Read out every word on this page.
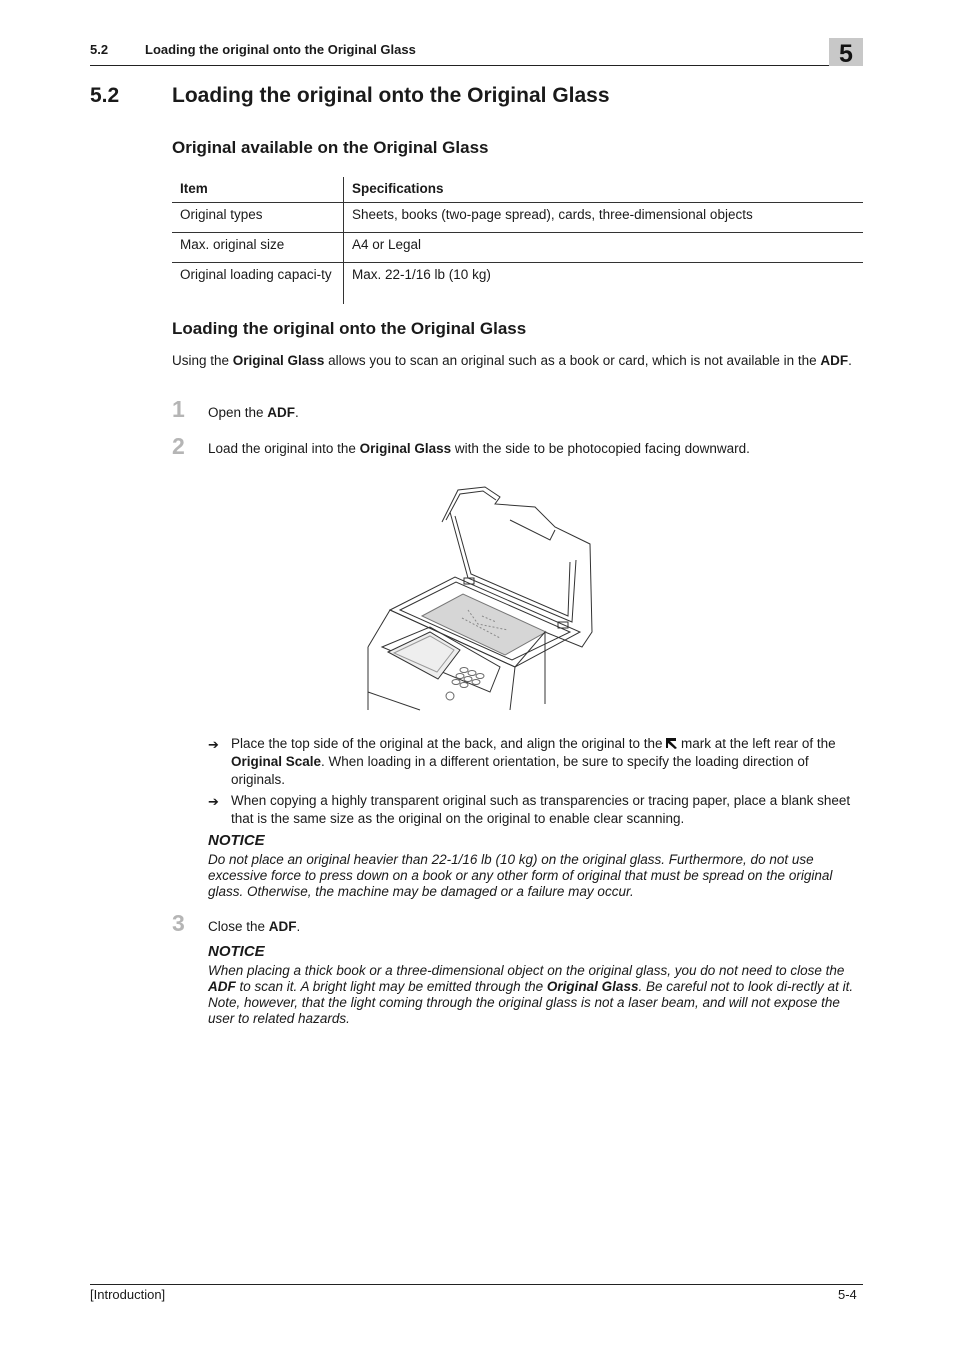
5.2	Loading the original onto the Original Glass	5
5.2	Loading the original onto the Original Glass
Original available on the Original Glass
Item	Specifications
Original types	Sheets, books (two-page spread), cards, three-dimensional objects
Max. original size	A4 or Legal
Original loading capaci-ty	Max. 22-1/16 lb (10 kg)
Loading the original onto the Original Glass
Using the Original Glass allows you to scan an original such as a book or card, which is not available in the ADF.
1 Open the ADF.
2 Load the original into the Original Glass with the side to be photocopied facing downward.
➔ Place the top side of the original at the back, and align the original to the  mark at the left rear of the Original Scale. When loading in a different orientation, be sure to specify the loading direction of originals.
➔ When copying a highly transparent original such as transparencies or tracing paper, place a blank sheet that is the same size as the original on the original to enable clear scanning.
NOTICE
Do not place an original heavier than 22-1/16 lb (10 kg) on the original glass. Furthermore, do not use excessive force to press down on a book or any other form of original that must be spread on the original glass. Otherwise, the machine may be damaged or a failure may occur.
3 Close the ADF.
NOTICE
When placing a thick book or a three-dimensional object on the original glass, you do not need to close the ADF to scan it. A bright light may be emitted through the Original Glass. Be careful not to look di-rectly at it. Note, however, that the light coming through the original glass is not a laser beam, and will not expose the user to related hazards.
[Introduction]	5-4
